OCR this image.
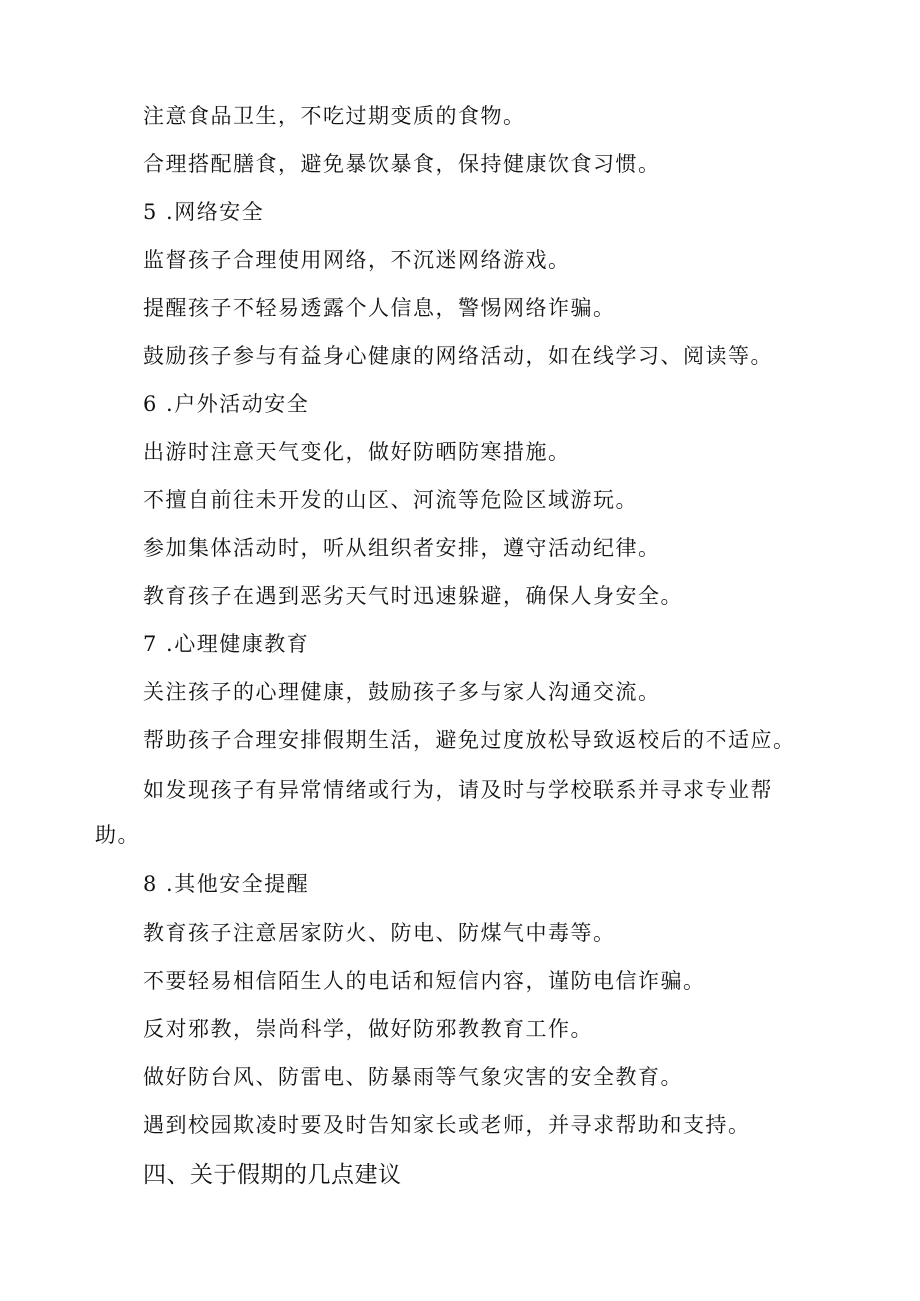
注意食品卫生，不吃过期变质的食物。
合理搭配膳食，避免暴饮暴食，保持健康饮食习惯。
5 .网络安全
监督孩子合理使用网络，不沉迷网络游戏。
提醒孩子不轻易透露个人信息，警惕网络诈骗。
鼓励孩子参与有益身心健康的网络活动，如在线学习、阅读等。
6 .户外活动安全
出游时注意天气变化，做好防晒防寒措施。
不擅自前往未开发的山区、河流等危险区域游玩。
参加集体活动时，听从组织者安排，遵守活动纪律。
教育孩子在遇到恶劣天气时迅速躲避，确保人身安全。
7 .心理健康教育
关注孩子的心理健康，鼓励孩子多与家人沟通交流。
帮助孩子合理安排假期生活，避免过度放松导致返校后的不适应。
如发现孩子有异常情绪或行为，请及时与学校联系并寻求专业帮
助。
8 .其他安全提醒
教育孩子注意居家防火、防电、防煤气中毒等。
不要轻易相信陌生人的电话和短信内容，谨防电信诈骗。
反对邪教，崇尚科学，做好防邪教教育工作。
做好防台风、防雷电、防暴雨等气象灾害的安全教育。
遇到校园欺凌时要及时告知家长或老师，并寻求帮助和支持。
四、关于假期的几点建议
